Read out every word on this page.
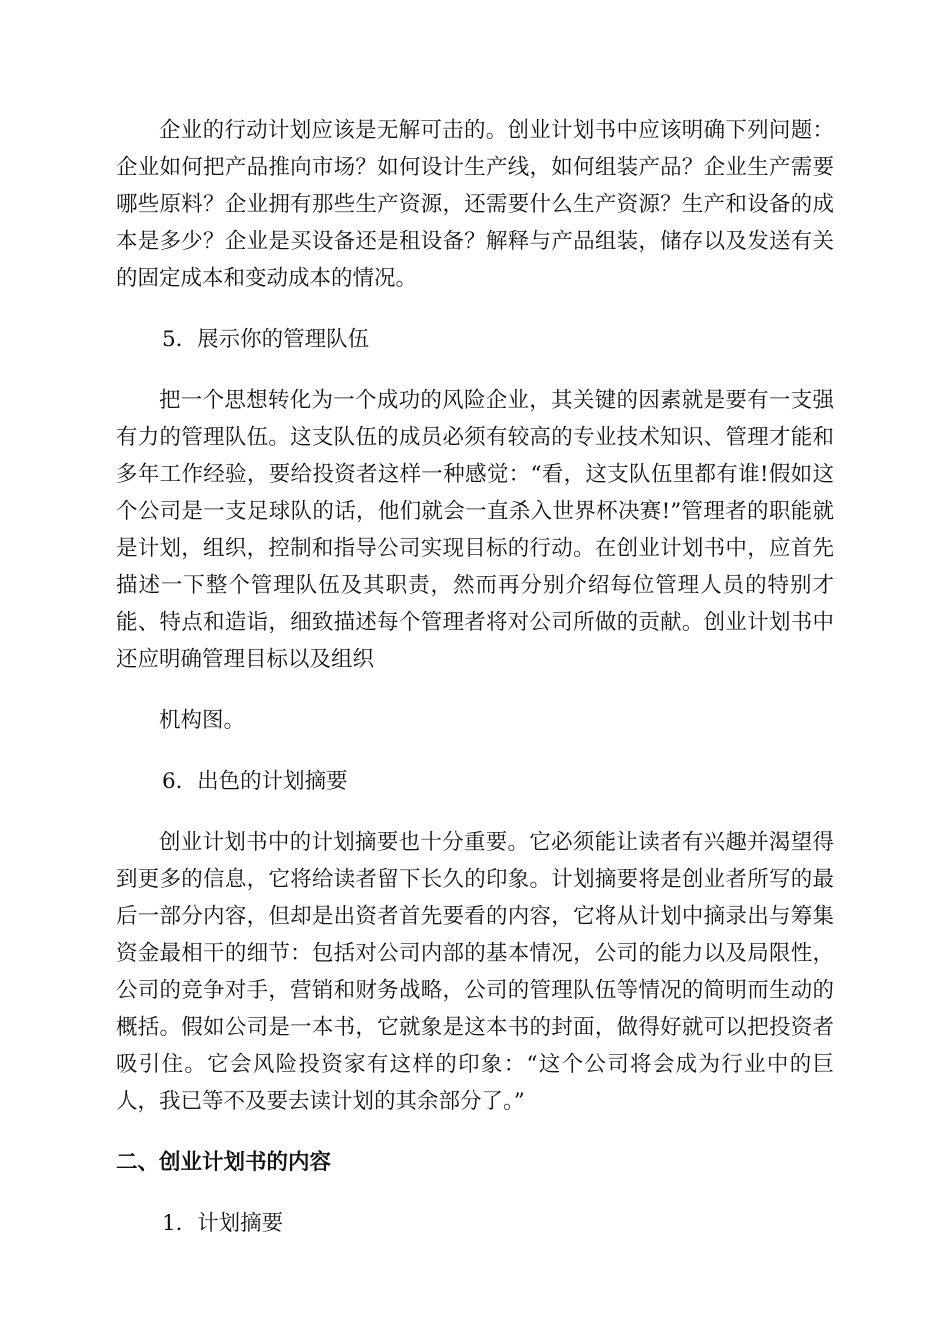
企业的行动计划应该是无解可击的。创业计划书中应该明确下列问题：企业如何把产品推向市场？如何设计生产线，如何组装产品？企业生产需要哪些原料？企业拥有那些生产资源，还需要什么生产资源？生产和设备的成本是多少？企业是买设备还是租设备？解释与产品组装，储存以及发送有关的固定成本和变动成本的情况。

5．展示你的管理队伍

把一个思想转化为一个成功的风险企业，其关键的因素就是要有一支强有力的管理队伍。这支队伍的成员必须有较高的专业技术知识、管理才能和多年工作经验，要给投资者这样一种感觉：“看，这支队伍里都有谁!假如这个公司是一支足球队的话，他们就会一直杀入世界杯决赛!”管理者的职能就是计划，组织，控制和指导公司实现目标的行动。在创业计划书中，应首先描述一下整个管理队伍及其职责，然而再分别介绍每位管理人员的特别才能、特点和造诣，细致描述每个管理者将对公司所做的贡献。创业计划书中还应明确管理目标以及组织

机构图。

6．出色的计划摘要

创业计划书中的计划摘要也十分重要。它必须能让读者有兴趣并渴望得到更多的信息，它将给读者留下长久的印象。计划摘要将是创业者所写的最后一部分内容，但却是出资者首先要看的内容，它将从计划中摘录出与筹集资金最相干的细节：包括对公司内部的基本情况，公司的能力以及局限性，公司的竞争对手，营销和财务战略，公司的管理队伍等情况的简明而生动的概括。假如公司是一本书，它就象是这本书的封面，做得好就可以把投资者吸引住。它会风险投资家有这样的印象：“这个公司将会成为行业中的巨人，我已等不及要去读计划的其余部分了。”

二、创业计划书的内容
1．计划摘要
